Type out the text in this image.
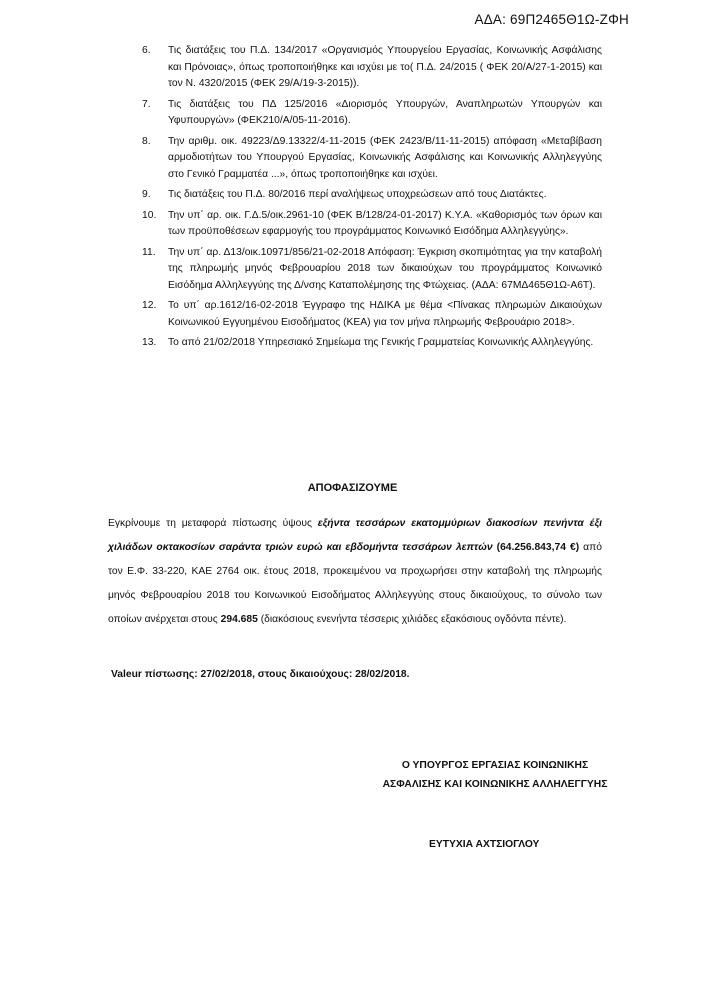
ΑΔΑ: 69Π2465Θ1Ω-ΖΦΗ
6.	Τις διατάξεις του Π.Δ. 134/2017 «Οργανισμός Υπουργείου Εργασίας, Κοινωνικής Ασφάλισης και Πρόνοιας», όπως τροποποιήθηκε και ισχύει με το( Π.Δ. 24/2015 ( ΦΕΚ 20/Α/27-1-2015) και τον Ν. 4320/2015 (ΦΕΚ 29/Α/19-3-2015)).
7.	Τις διατάξεις του ΠΔ 125/2016 «Διορισμός Υπουργών, Αναπληρωτών Υπουργών και Υφυπουργών» (ΦΕΚ210/Α/05-11-2016).
8.	Την αριθμ. οικ. 49223/Δ9.13322/4-11-2015 (ΦΕΚ 2423/Β/11-11-2015) απόφαση «Μεταβίβαση αρμοδιοτήτων του Υπουργού Εργασίας, Κοινωνικής Ασφάλισης και Κοινωνικής Αλληλεγγύης στο Γενικό Γραμματέα ...», όπως τροποποιήθηκε και ισχύει.
9.	Τις διατάξεις του Π.Δ. 80/2016 περί αναλήψεως υποχρεώσεων από τους Διατάκτες.
10.	Την υπ΄ αρ. οικ. Γ.Δ.5/οικ.2961-10 (ΦΕΚ Β/128/24-01-2017) Κ.Υ.Α. «Καθορισμός των όρων και των προϋποθέσεων εφαρμογής του προγράμματος Κοινωνικό Εισόδημα Αλληλεγγύης».
11.	Την υπ΄ αρ. Δ13/οικ.10971/856/21-02-2018 Απόφαση: Έγκριση σκοπιμότητας για την καταβολή της πληρωμής μηνός Φεβρουαρίου 2018 των δικαιούχων του προγράμματος Κοινωνικό Εισόδημα Αλληλεγγύης της Δ/νσης Καταπολέμησης της Φτώχειας. (ΑΔΑ: 67ΜΔ465Θ1Ω-Α6Τ).
12.	Το υπ΄ αρ.1612/16-02-2018 Έγγραφο της ΗΔΙΚΑ με θέμα <Πίνακας πληρωμών Δικαιούχων Κοινωνικού Εγγυημένου Εισοδήματος (ΚΕΑ) για τον μήνα πληρωμής Φεβρουάριο 2018>.
13.	Το από 21/02/2018 Υπηρεσιακό Σημείωμα της Γενικής Γραμματείας Κοινωνικής Αλληλεγγύης.
ΑΠΟΦΑΣΙΖΟΥΜΕ

Εγκρίνουμε τη μεταφορά πίστωσης ύψους εξήντα τεσσάρων εκατομμύριων διακοσίων πενήντα έξι χιλιάδων οκτακοσίων σαράντα τριών ευρώ και εβδομήντα τεσσάρων λεπτών (64.256.843,74 €) από τον Ε.Φ. 33-220, ΚΑΕ 2764 οικ. έτους 2018, προκειμένου να προχωρήσει στην καταβολή της πληρωμής μηνός Φεβρουαρίου 2018 του Κοινωνικού Εισοδήματος Αλληλεγγύης στους δικαιούχους, το σύνολο των οποίων ανέρχεται στους 294.685 (διακόσιους ενενήντα τέσσερις χιλιάδες εξακόσιους ογδόντα πέντε).

Valeur πίστωσης: 27/02/2018, στους δικαιούχους: 28/02/2018.

Ο ΥΠΟΥΡΓΟΣ ΕΡΓΑΣΙΑΣ ΚΟΙΝΩΝΙΚΗΣ
ΑΣΦΑΛΙΣΗΣ ΚΑΙ ΚΟΙΝΩΝΙΚΗΣ ΑΛΛΗΛΕΓΓΥΗΣ
ΕΥΤΥΧΙΑ ΑΧΤΣΙΟΓΛΟΥ
